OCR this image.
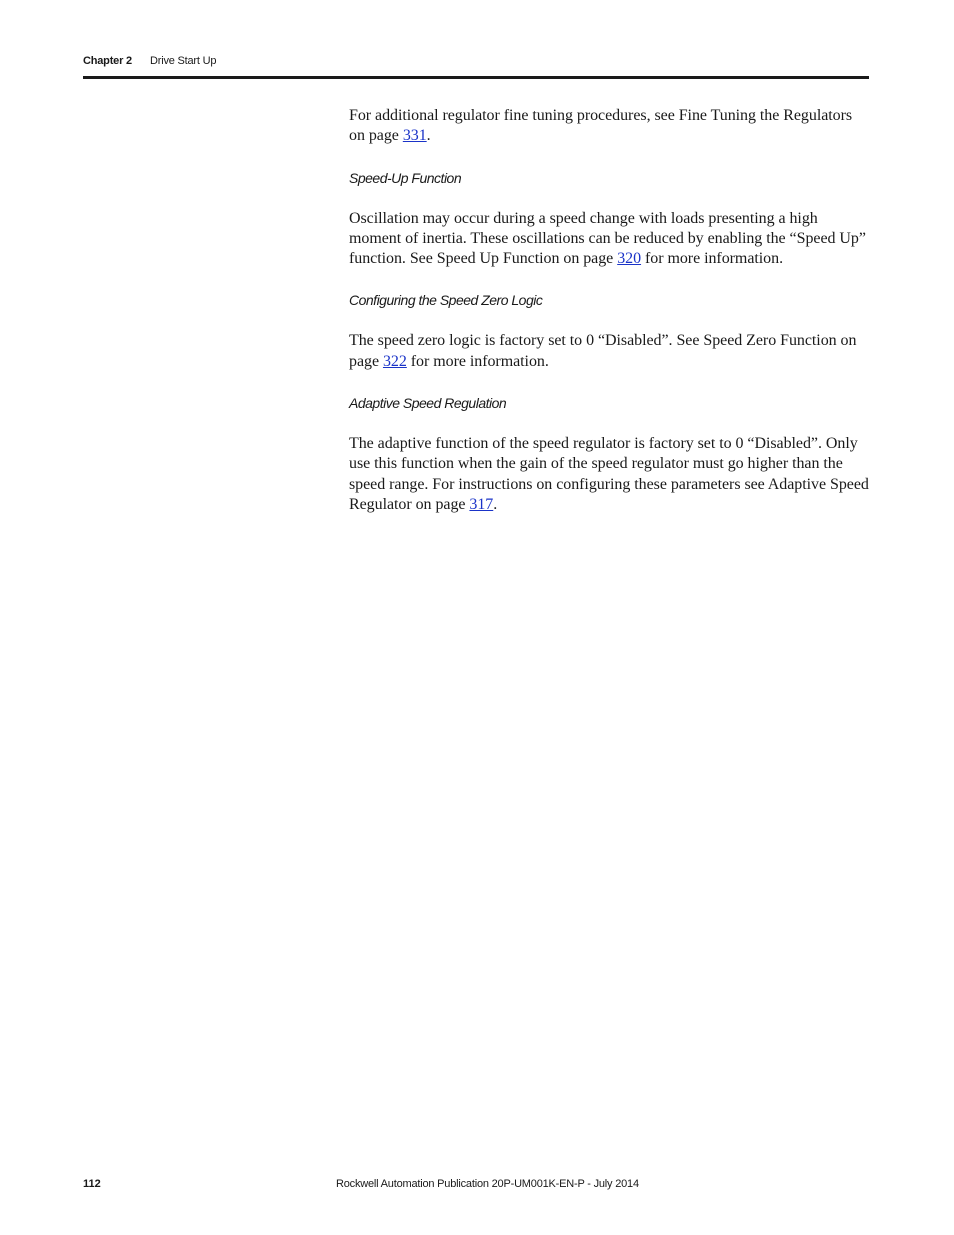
Chapter 2 Drive Start Up

For additional regulator fine tuning procedures, see Fine Tuning the Regulators on page 331.

Speed-Up Function

Oscillation may occur during a speed change with loads presenting a high moment of inertia. These oscillations can be reduced by enabling the “Speed Up” function. See Speed Up Function on page 320 for more information.

Configuring the Speed Zero Logic

The speed zero logic is factory set to 0 “Disabled”. See Speed Zero Function on page 322 for more information.

Adaptive Speed Regulation

The adaptive function of the speed regulator is factory set to 0 “Disabled”. Only use this function when the gain of the speed regulator must go higher than the speed range. For instructions on configuring these parameters see Adaptive Speed Regulator on page 317.

112	Rockwell Automation Publication 20P-UM001K-EN-P - July 2014
